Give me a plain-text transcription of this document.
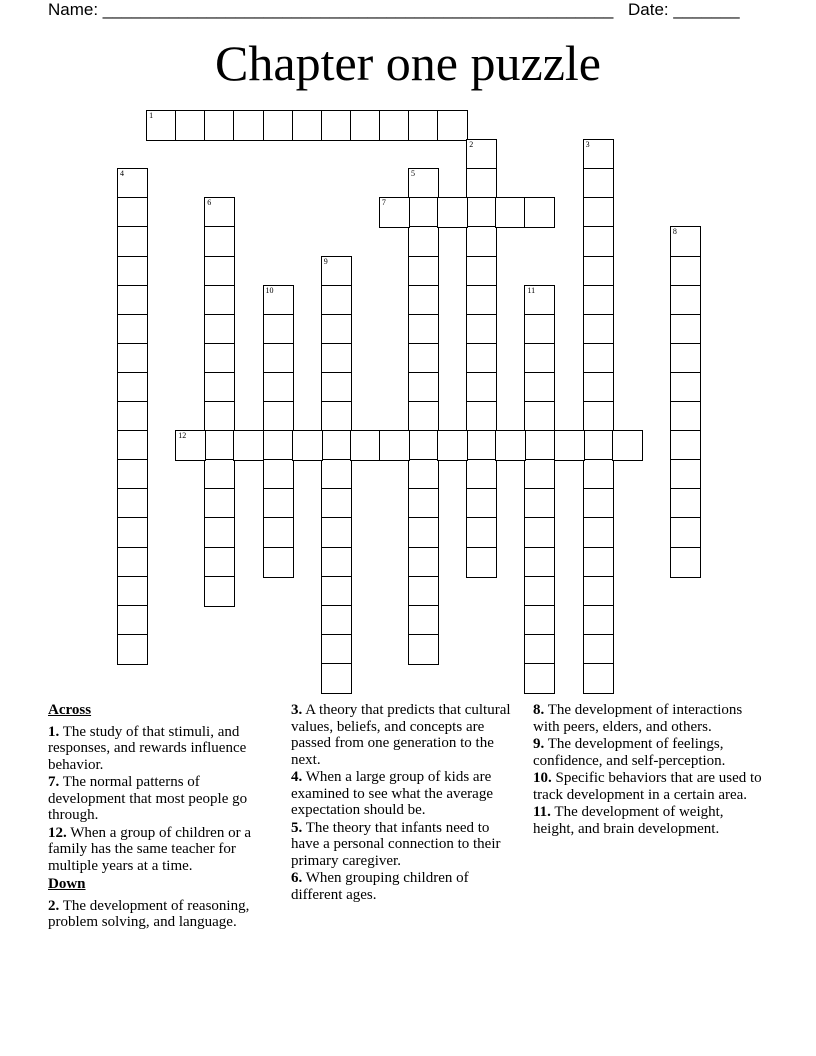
Name: ______________________________________________________ Date: _______
Chapter one puzzle
1
2	3
4	5
6	7
8
9
10	11
12
Across
1. The study of that stimuli, and responses, and rewards influence behavior.
7. The normal patterns of development that most people go through.
12. When a group of children or a family has the same teacher for multiple years at a time.
Down
2. The development of reasoning, problem solving, and language.
3. A theory that predicts that cultural values, beliefs, and concepts are passed from one generation to the next.
4. When a large group of kids are examined to see what the average expectation should be.
5. The theory that infants need to have a personal connection to their primary caregiver.
6. When grouping children of different ages.
8. The development of interactions with peers, elders, and others.
9. The development of feelings, confidence, and self-perception.
10. Specific behaviors that are used to track development in a certain area.
11. The development of weight, height, and brain development.
